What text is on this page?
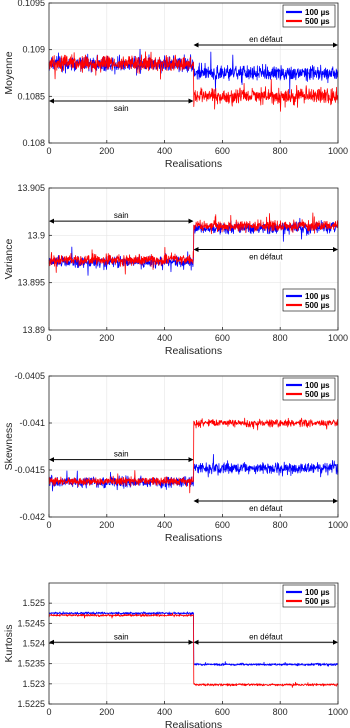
sain
en défaut
0	200	400	600	800	1000
0.108
0.1085
0.109
0.1095
Realisations
Moyenne
100 µs
500 µs
sain
en défaut
0	200	400	600	800	1000
13.89
13.895
13.9
13.905
Realisations
Variance
100 µs
500 µs
sain
en défaut
0	200	400	600	800	1000
-0.042
-0.0415
-0.041
-0.0405
Realisations
Skewness
100 µs
500 µs
sain	en défaut
0	200	400	600	800	1000
1.5225
1.523
1.5235
1.524
1.5245
1.525
Realisations
Kurtosis
100 µs
500 µs
